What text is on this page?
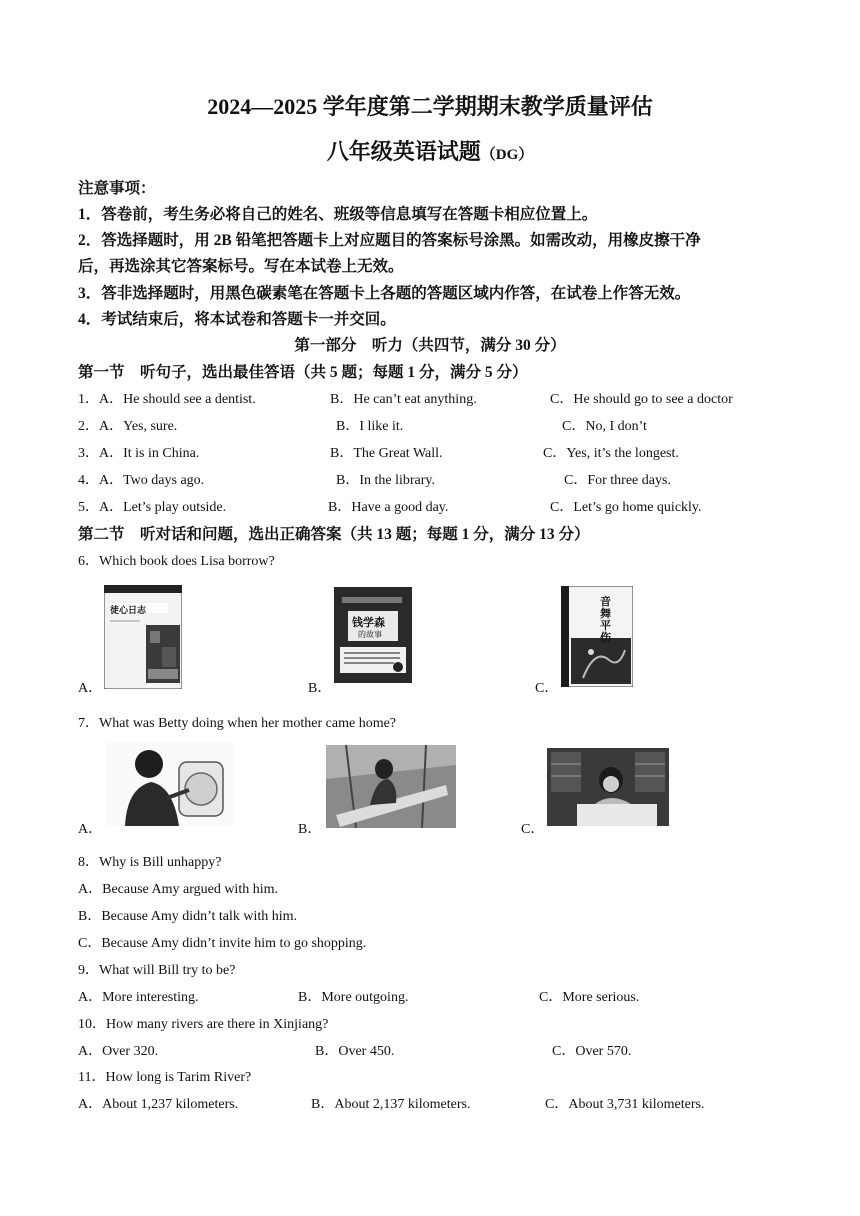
2024—2025 学年度第二学期期末教学质量评估
八年级英语试题（DG）
注意事项：
1．答卷前，考生务必将自己的姓名、班级等信息填写在答题卡相应位置上。
2．答选择题时，用 2B 铅笔把答题卡上对应题目的答案标号涂黑。如需改动，用橡皮擦干净
后，再选涂其它答案标号。写在本试卷上无效。
3．答非选择题时，用黑色碳素笔在答题卡上各题的答题区域内作答，在试卷上作答无效。
4．考试结束后，将本试卷和答题卡一并交回。
第一部分　听力（共四节，满分 30 分）
第一节　听句子，选出最佳答语（共 5 题；每题 1 分，满分 5 分）
1．A．He should see a dentist.	B．He can’t eat anything.	C．He should go to see a doctor
2．A．Yes, sure.	B．I like it.	C．No, I don’t
3．A．It is in China.	B．The Great Wall.	C．Yes, it’s the longest.
4．A．Two days ago.	B．In the library.	C．For three days.
5．A．Let’s play outside.	B．Have a good day.	C．Let’s go home quickly.
第二节　听对话和问题，选出正确答案（共 13 题；每题 1 分，满分 13 分）
6．Which book does Lisa borrow?
徒心日志
A．
钱学森
的故事
B．
音舞平伤
C．
7．What was Betty doing when her mother came home?
A．	B．	C．
8．Why is Bill unhappy?
A．Because Amy argued with him.
B．Because Amy didn’t talk with him.
C．Because Amy didn’t invite him to go shopping.
9．What will Bill try to be?
A．More interesting.	B．More outgoing.	C．More serious.
10．How many rivers are there in Xinjiang?
A．Over 320.	B．Over 450.	C．Over 570.
11．How long is Tarim River?
A．About 1,237 kilometers.	B．About 2,137 kilometers.	C．About 3,731 kilometers.
